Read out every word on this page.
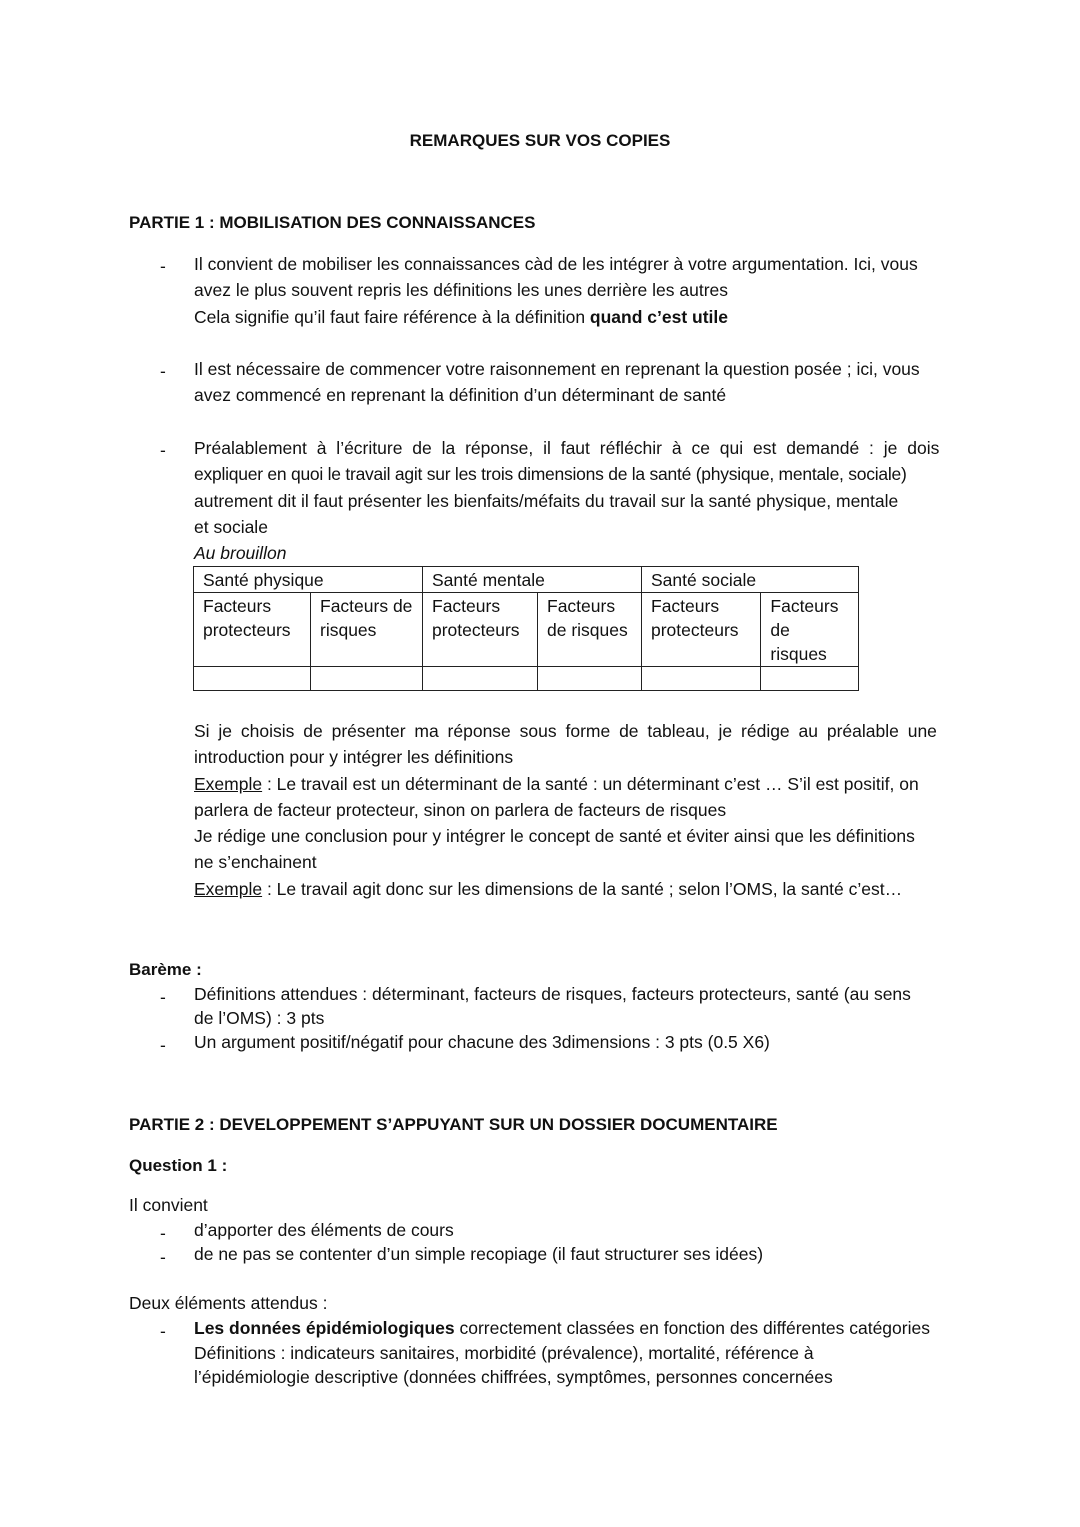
REMARQUES SUR VOS COPIES
PARTIE 1 : MOBILISATION DES CONNAISSANCES
- Il convient de mobiliser les connaissances càd de les intégrer à votre argumentation. Ici, vous
avez le plus souvent repris les définitions les unes derrière les autres
Cela signifie qu’il faut faire référence à la définition quand c’est utile
- Il est nécessaire de commencer votre raisonnement en reprenant la question posée ; ici, vous
avez commencé en reprenant la définition d’un déterminant de santé
- Préalablement à l’écriture de la réponse, il faut réfléchir à ce qui est demandé : je dois
expliquer en quoi le travail agit sur les trois dimensions de la santé (physique, mentale, sociale)
autrement dit il faut présenter les bienfaits/méfaits du travail sur la santé physique, mentale
et sociale
Au brouillon
Santé physique		Santé mentale		Santé sociale	
Facteurs protecteurs	Facteurs de risques	Facteurs protecteurs	Facteurs de risques	Facteurs protecteurs	Facteurs de risques

Si je choisis de présenter ma réponse sous forme de tableau, je rédige au préalable une
introduction pour y intégrer les définitions
Exemple : Le travail est un déterminant de la santé : un déterminant c’est … S’il est positif, on
parlera de facteur protecteur, sinon on parlera de facteurs de risques
Je rédige une conclusion pour y intégrer le concept de santé et éviter ainsi que les définitions
ne s’enchainent
Exemple : Le travail agit donc sur les dimensions de la santé ; selon l’OMS, la santé c’est…
Barème :
- Définitions attendues : déterminant, facteurs de risques, facteurs protecteurs, santé (au sens
de l’OMS) : 3 pts
- Un argument positif/négatif pour chacune des 3dimensions : 3 pts (0.5 X6)
PARTIE 2 : DEVELOPPEMENT S’APPUYANT SUR UN DOSSIER DOCUMENTAIRE
Question 1 :
Il convient
- d’apporter des éléments de cours
- de ne pas se contenter d’un simple recopiage (il faut structurer ses idées)
Deux éléments attendus :
- Les données épidémiologiques correctement classées en fonction des différentes catégories
Définitions : indicateurs sanitaires, morbidité (prévalence), mortalité, référence à
l’épidémiologie descriptive (données chiffrées, symptômes, personnes concernées
